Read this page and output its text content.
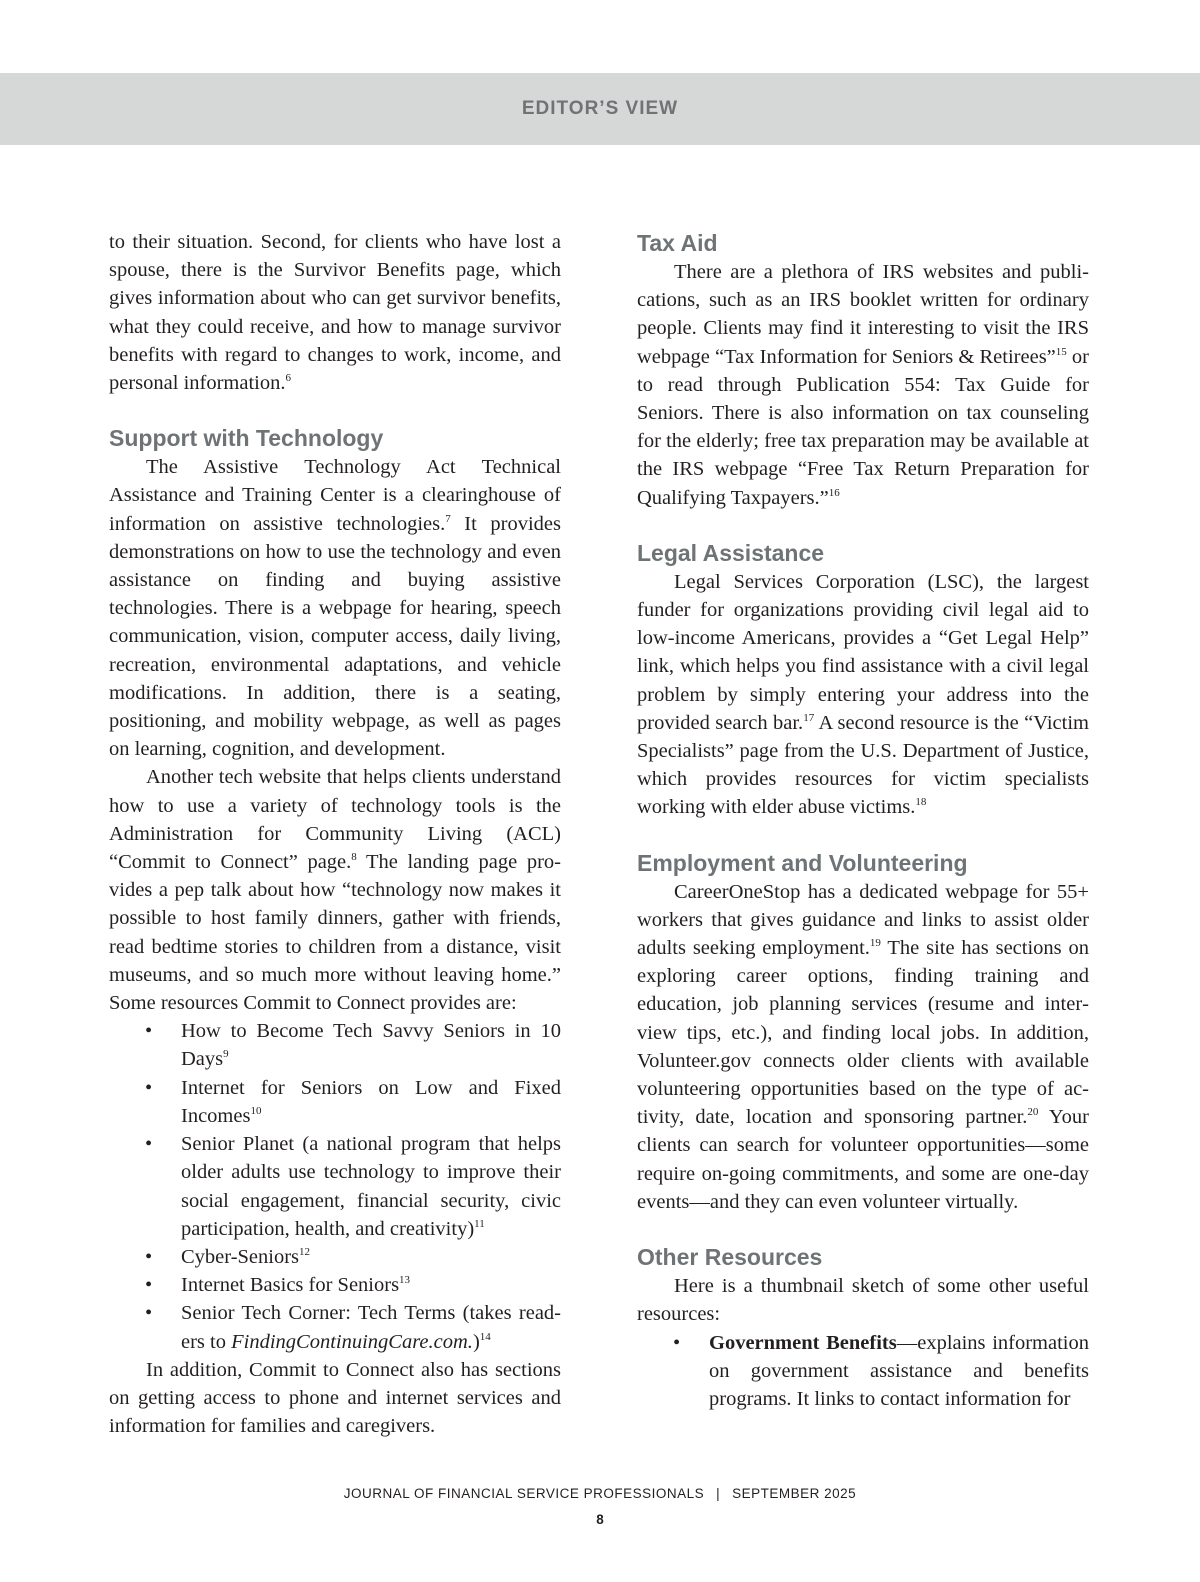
EDITOR’S VIEW

to their situation. Second, for clients who have lost a spouse, there is the Survivor Benefits page, which gives information about who can get survivor benefits, what they could receive, and how to manage survivor benefits with regard to changes to work, income, and personal information.$^6$

Support with Technology

The Assistive Technology Act Technical Assistance and Training Center is a clearinghouse of information on assistive technologies.$^7$ It provides demonstrations on how to use the technology and even assistance on finding and buying assistive technologies. There is a webpage for hearing, speech communication, vision, computer access, daily living, recreation, environmental adaptations, and vehicle modifications. In addition, there is a seating, positioning, and mobility webpage, as well as pages on learning, cognition, and development.

Another tech website that helps clients understand how to use a variety of technology tools is the Administration for Community Living (ACL) “Commit to Connect” page.$^8$ The landing page provides a pep talk about how “technology now makes it possible to host family dinners, gather with friends, read bedtime stories to children from a distance, visit museums, and so much more without leaving home.” Some resources Commit to Connect provides are:

• How to Become Tech Savvy Seniors in 10 Days$^9$
• Internet for Seniors on Low and Fixed Incomes$^{10}$
• Senior Planet (a national program that helps older adults use technology to improve their social engagement, financial security, civic participation, health, and creativity)$^{11}$
• Cyber-Seniors$^{12}$
• Internet Basics for Seniors$^{13}$
• Senior Tech Corner: Tech Terms (takes readers to FindingContinuingCare.com.)$^{14}$

In addition, Commit to Connect also has sections on getting access to phone and internet services and information for families and caregivers.

Tax Aid

There are a plethora of IRS websites and publications, such as an IRS booklet written for ordinary people. Clients may find it interesting to visit the IRS webpage “Tax Information for Seniors & Retirees”$^{15}$ or to read through Publication 554: Tax Guide for Seniors. There is also information on tax counseling for the elderly; free tax preparation may be available at the IRS webpage “Free Tax Return Preparation for Qualifying Taxpayers.”$^{16}$

Legal Assistance

Legal Services Corporation (LSC), the largest funder for organizations providing civil legal aid to low-income Americans, provides a “Get Legal Help” link, which helps you find assistance with a civil legal problem by simply entering your address into the provided search bar.$^{17}$ A second resource is the “Victim Specialists” page from the U.S. Department of Justice, which provides resources for victim specialists working with elder abuse victims.$^{18}$

Employment and Volunteering

CareerOneStop has a dedicated webpage for 55+ workers that gives guidance and links to assist older adults seeking employment.$^{19}$ The site has sections on exploring career options, finding training and education, job planning services (resume and interview tips, etc.), and finding local jobs. In addition, Volunteer.gov connects older clients with available volunteering opportunities based on the type of activity, date, location and sponsoring partner.$^{20}$ Your clients can search for volunteer opportunities—some require on-going commitments, and some are one-day events—and they can even volunteer virtually.

Other Resources

Here is a thumbnail sketch of some other useful resources:

• Government Benefits—explains information on government assistance and benefits programs. It links to contact information for
JOURNAL OF FINANCIAL SERVICE PROFESSIONALS | SEPTEMBER 2025
8
